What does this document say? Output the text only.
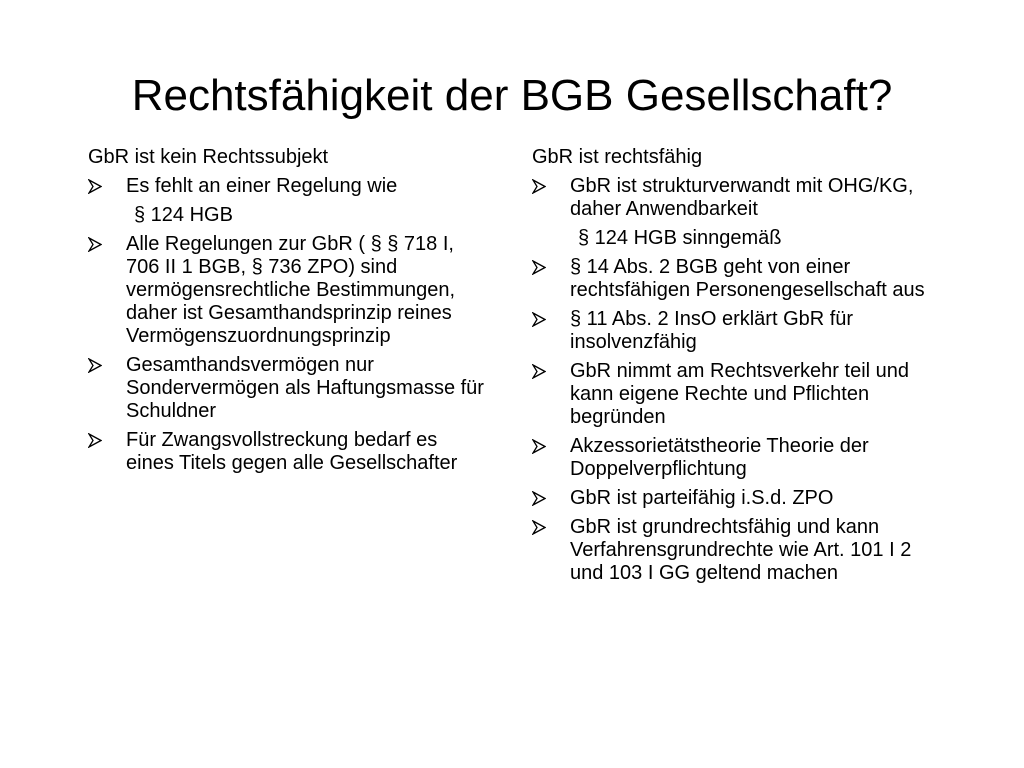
Rechtsfähigkeit der BGB Gesellschaft?

GbR ist kein Rechtssubjekt

Es fehlt an einer Regelung wie
§ 124 HGB
Alle Regelungen zur GbR ( § § 718 I, 706 II 1 BGB, § 736 ZPO) sind vermögensrechtliche Bestimmungen, daher ist Gesamthandsprinzip reines Vermögenszuordnungsprinzip
Gesamthandsvermögen nur Sondervermögen als Haftungsmasse für Schuldner
Für Zwangsvollstreckung bedarf es eines Titels gegen alle Gesellschafter

GbR ist rechtsfähig

GbR ist strukturverwandt mit OHG/KG, daher Anwendbarkeit
§ 124 HGB sinngemäß
§ 14 Abs. 2 BGB geht von einer rechtsfähigen Personengesellschaft aus
§ 11 Abs. 2 InsO erklärt GbR für insolvenzfähig
GbR nimmt am Rechtsverkehr teil und kann eigene Rechte und Pflichten begründen
Akzessorietätstheorie Theorie der Doppelverpflichtung
GbR ist parteifähig i.S.d. ZPO
GbR ist grundrechtsfähig und kann Verfahrensgrundrechte wie Art. 101 I 2 und 103 I GG geltend machen
